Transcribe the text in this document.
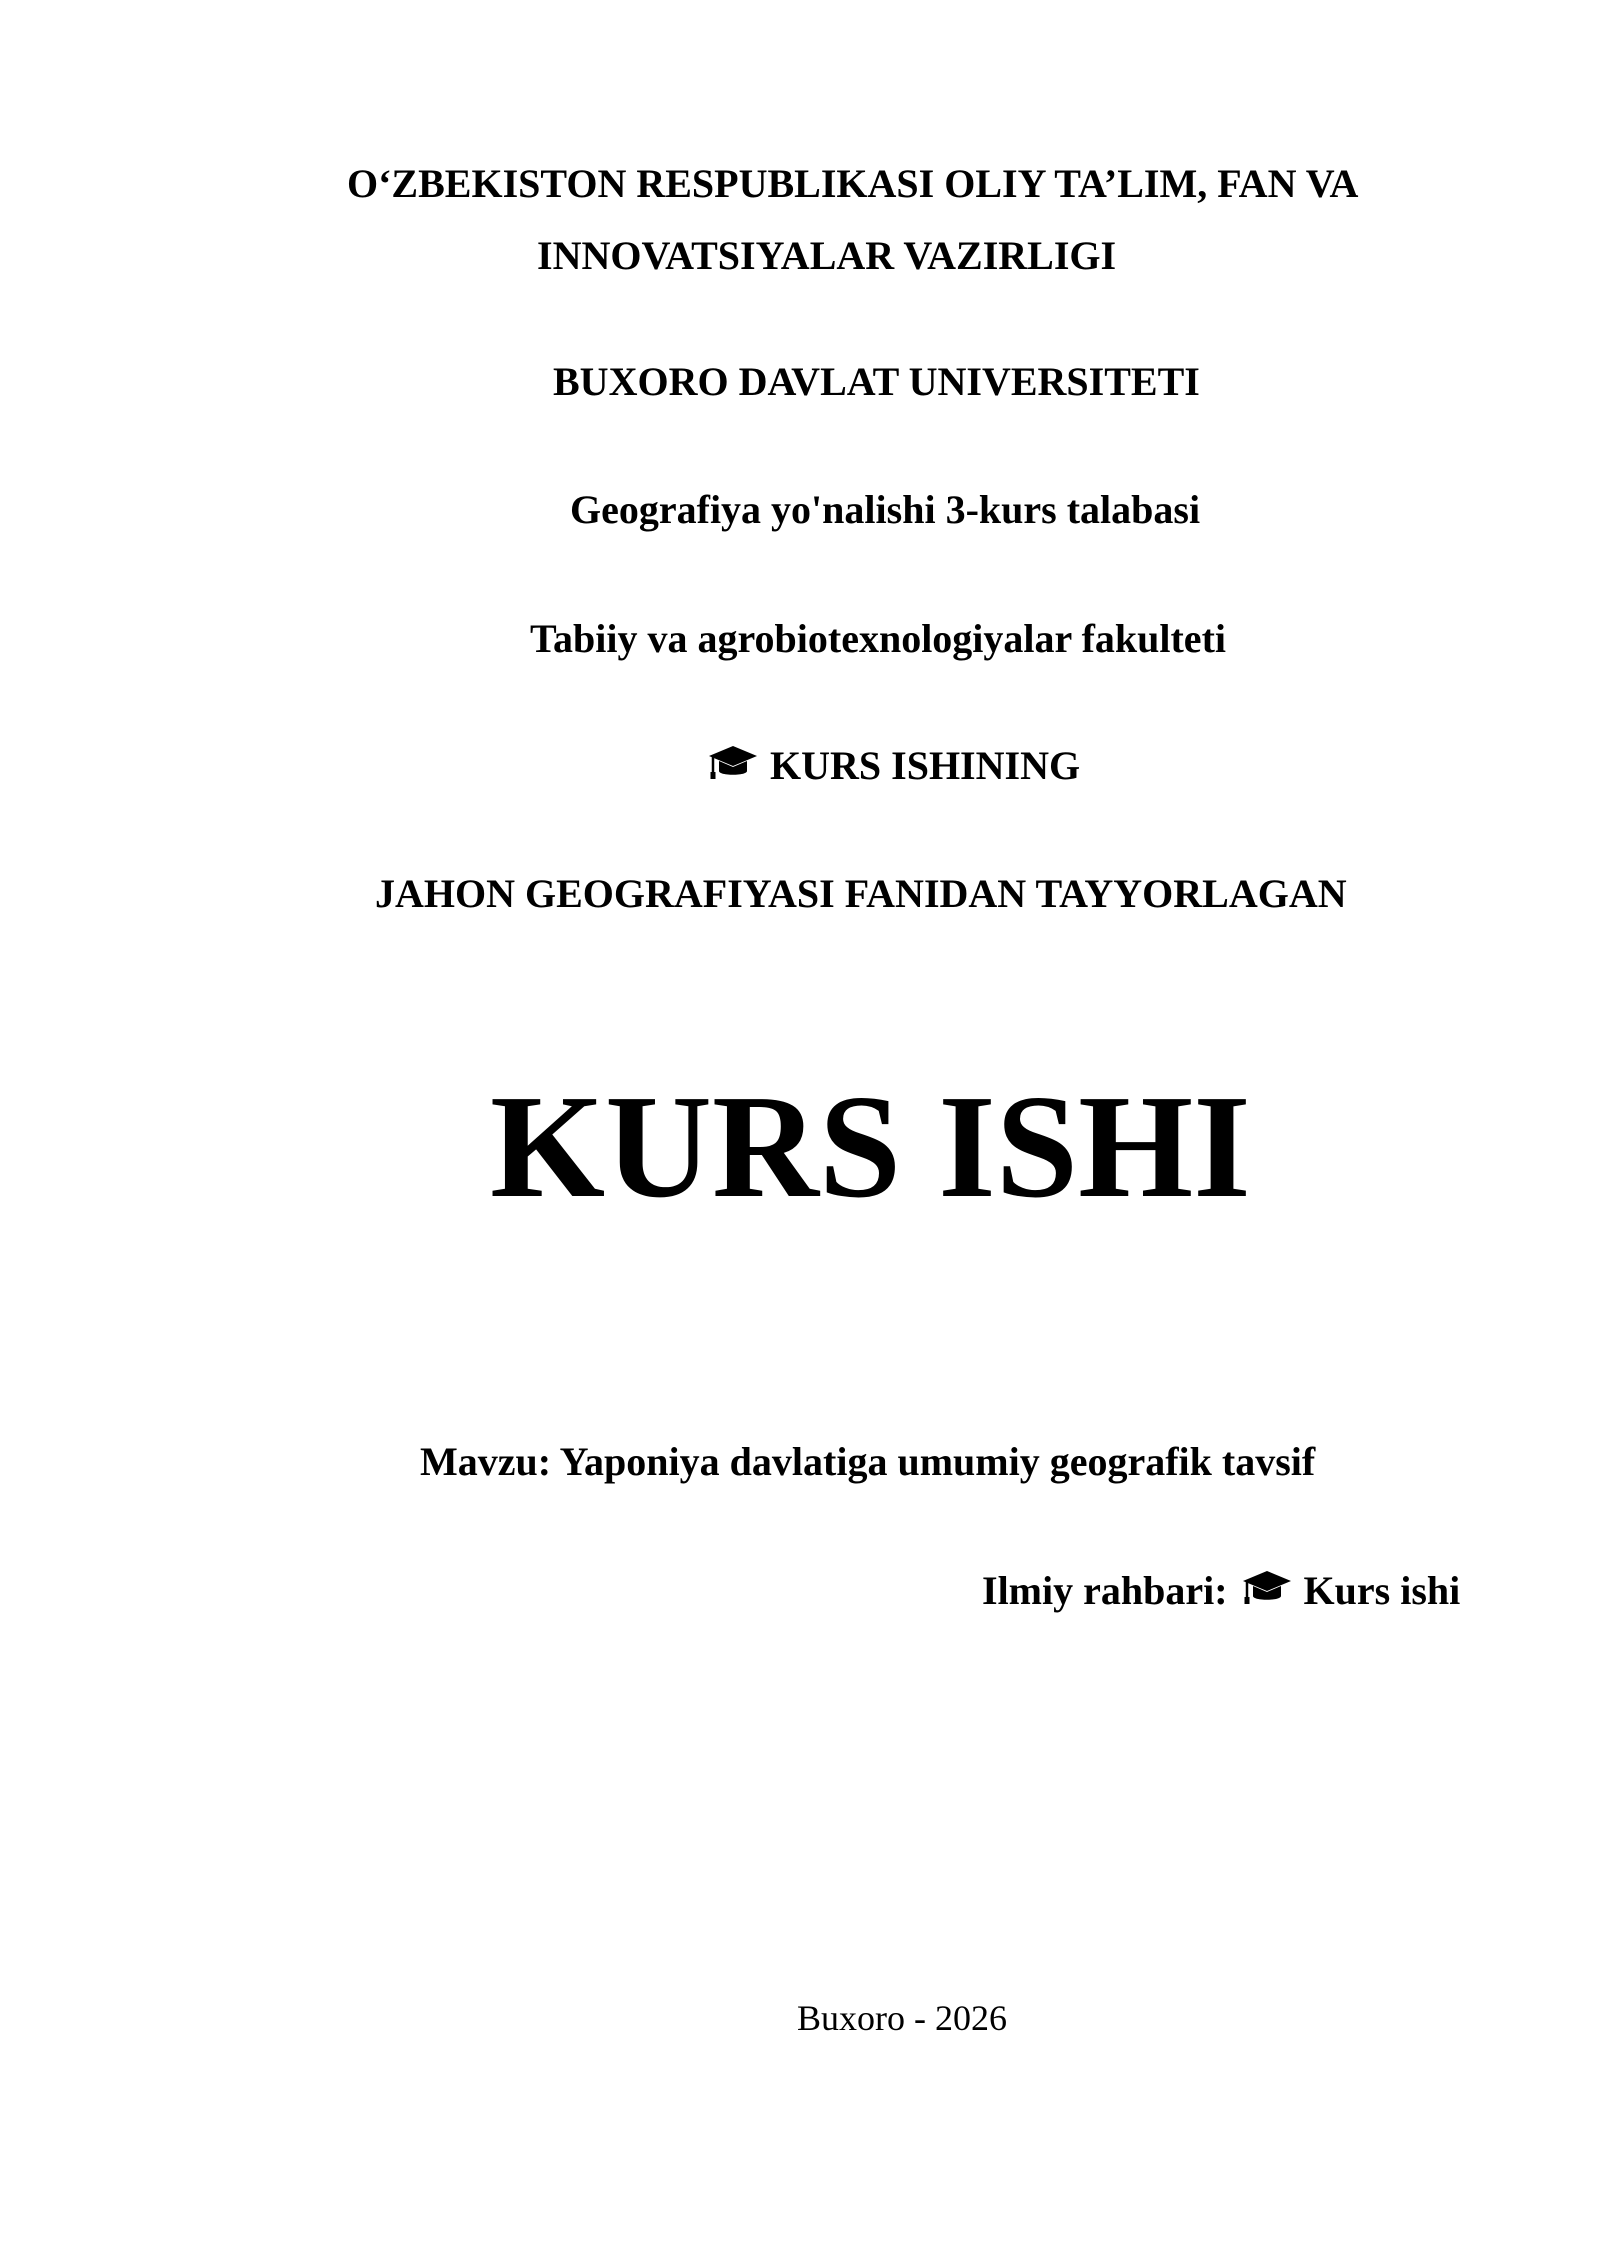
O‘ZBEKISTON RESPUBLIKASI OLIY TA’LIM, FAN VA

INNOVATSIYALAR VAZIRLIGI

BUXORO DAVLAT UNIVERSITETI

Geografiya yo'nalishi 3-kurs talabasi

Tabiiy va agrobiotexnologiyalar fakulteti

KURS ISHINING

JAHON GEOGRAFIYASI FANIDAN TAYYORLAGAN

KURS ISHI

Mavzu: Yaponiya davlatiga umumiy geografik tavsif

Ilmiy rahbari: Kurs ishi

Buxoro - 2026
